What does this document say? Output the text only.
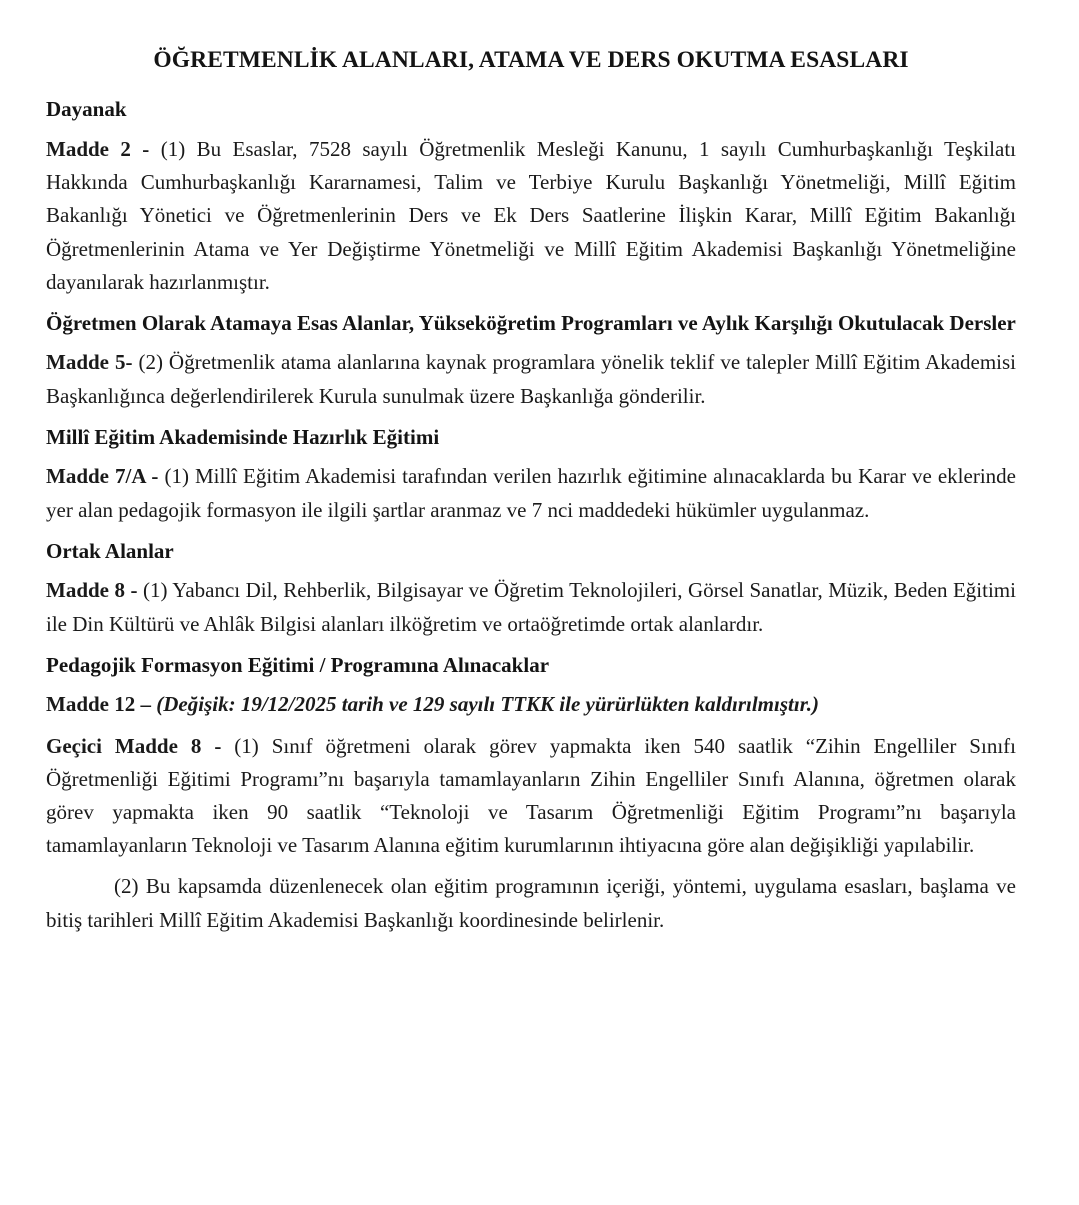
ÖĞRETMENLİK ALANLARI, ATAMA VE DERS OKUTMA ESASLARI
Dayanak

Madde 2 - (1) Bu Esaslar, 7528 sayılı Öğretmenlik Mesleği Kanunu, 1 sayılı Cumhurbaşkanlığı Teşkilatı Hakkında Cumhurbaşkanlığı Kararnamesi, Talim ve Terbiye Kurulu Başkanlığı Yönetmeliği, Millî Eğitim Bakanlığı Yönetici ve Öğretmenlerinin Ders ve Ek Ders Saatlerine İlişkin Karar, Millî Eğitim Bakanlığı Öğretmenlerinin Atama ve Yer Değiştirme Yönetmeliği ve Millî Eğitim Akademisi Başkanlığı Yönetmeliğine dayanılarak hazırlanmıştır.

Öğretmen Olarak Atamaya Esas Alanlar, Yükseköğretim Programları ve Aylık Karşılığı Okutulacak Dersler

Madde 5- (2) Öğretmenlik atama alanlarına kaynak programlara yönelik teklif ve talepler Millî Eğitim Akademisi Başkanlığınca değerlendirilerek Kurula sunulmak üzere Başkanlığa gönderilir.

Millî Eğitim Akademisinde Hazırlık Eğitimi

Madde 7/A - (1) Millî Eğitim Akademisi tarafından verilen hazırlık eğitimine alınacaklarda bu Karar ve eklerinde yer alan pedagojik formasyon ile ilgili şartlar aranmaz ve 7 nci maddedeki hükümler uygulanmaz.

Ortak Alanlar

Madde 8 - (1) Yabancı Dil, Rehberlik, Bilgisayar ve Öğretim Teknolojileri, Görsel Sanatlar, Müzik, Beden Eğitimi ile Din Kültürü ve Ahlâk Bilgisi alanları ilköğretim ve ortaöğretimde ortak alanlardır.

Pedagojik Formasyon Eğitimi / Programına Alınacaklar

Madde 12 – (Değişik: 19/12/2025 tarih ve 129 sayılı TTKK ile yürürlükten kaldırılmıştır.)

Geçici Madde 8 - (1) Sınıf öğretmeni olarak görev yapmakta iken 540 saatlik “Zihin Engelliler Sınıfı Öğretmenliği Eğitimi Programı”nı başarıyla tamamlayanların Zihin Engelliler Sınıfı Alanına, öğretmen olarak görev yapmakta iken 90 saatlik “Teknoloji ve Tasarım Öğretmenliği Eğitim Programı”nı başarıyla tamamlayanların Teknoloji ve Tasarım Alanına eğitim kurumlarının ihtiyacına göre alan değişikliği yapılabilir.

(2) Bu kapsamda düzenlenecek olan eğitim programının içeriği, yöntemi, uygulama esasları, başlama ve bitiş tarihleri Millî Eğitim Akademisi Başkanlığı koordinesinde belirlenir.
